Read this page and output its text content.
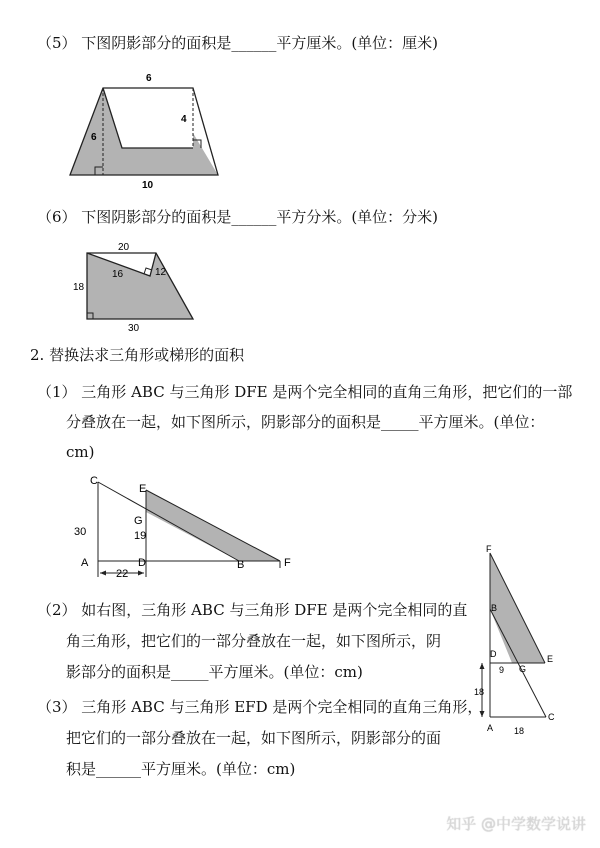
（5） 下图阴影部分的面积是______平方厘米。(单位：厘米)
6
4
6
10
（6） 下图阴影部分的面积是______平方分米。(单位：分米)
20
16	12
18
30
2. 替换法求三角形或梯形的面积
（1） 三角形 ABC 与三角形 DFE 是两个完全相同的直角三角形，把它们的一部
分叠放在一起，如下图所示，阴影部分的面积是_____平方厘米。(单位：
cm)
C
E
G
30	19
A	D	B	F
22
（2） 如右图，三角形 ABC 与三角形 DFE 是两个完全相同的直
角三角形，把它们的一部分叠放在一起，如下图所示，阴
影部分的面积是_____平方厘米。(单位：cm)
F
B
D	E
G
9
18
C
A 18
（3） 三角形 ABC 与三角形 EFD 是两个完全相同的直角三角形，
把它们的一部分叠放在一起，如下图所示，阴影部分的面
积是______平方厘米。(单位：cm)
知乎 @中学数学说讲
